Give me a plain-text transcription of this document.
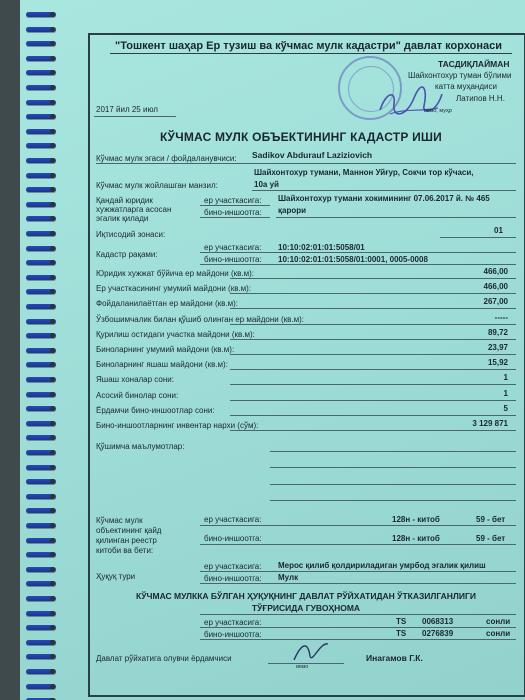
"Тошкент шаҳар Ер тузиш ва кўчмас мулк кадастри" давлат корхонаси
ТАСДИҚЛАЙМАН
Шайхонтохур туман бўлими
катта муҳандиси
Латипов Н.Н.
имзо, муҳр
2017 йил 25 июл
КЎЧМАС МУЛК ОБЪЕКТИНИНГ КАДАСТР ИШИ
Кўчмас мулк эгаси / фойдаланувчиси: Sadikov Abdurauf Laziziovich
Кўчмас мулк жойлашган манзил:
Шайхонтохур тумани, Маннон Уйғур, Сокчи тор кўчаси,
10а уй
Қандай юридик
хужжатларга асосан
эгалик қилади
ер участкасига:
бино-иншоотга:
Шайхонтохур тумани хокимининг 07.06.2017 й. № 465
қарори
Иқтисодий зонаси:	01
Кадастр рақами:
ер участкасига: 10:10:02:01:01:5058/01
бино-иншоотга: 10:10:02:01:01:5058/01:0001, 0005-0008
Юридик хужжат бўйича ер майдони (кв.м):	466,00
Ер участкасининг умумий майдони (кв.м):	466,00
Фойдаланилаётган ер майдони (кв.м):	267,00
Ўзбошимчалик билан қўшиб олинган ер майдони (кв.м):	-----
Қурилиш остидаги участка майдони (кв.м):	89,72
Биноларнинг умумий майдони (кв.м):	23,97
Биноларнинг яшаш майдони (кв.м):	15,92
Яшаш хоналар сони:	1
Асосий бинолар сони:	1
Ёрдамчи бино-иншоотлар сони:	5
Бино-иншоотларнинг инвентар нархи (сўм):	3 129 871
Қўшимча маълумотлар:
Кўчмас мулк
объектининг қайд
қилинган реестр
китоби ва бети:
ер участкасига:	128н - китоб	59 - бет
бино-иншоотга:	128н - китоб	59 - бет
Ҳуқуқ тури
ер участкасига: Мерос қилиб қолдириладиган умрбод эгалик қилиш
бино-иншоотга: Мулк
КЎЧМАС МУЛККА БЎЛГАН ҲУҚУҚНИНГ ДАВЛАТ РЎЙХАТИДАН ЎТКАЗИЛГАНЛИГИ
ТЎҒРИСИДА ГУВОҲНОМА
ер участкасига:	TS 0068313	сонли
бино-иншоотга:	TS 0276839	сонли
Давлат рўйхатига олувчи ёрдамчиси
имзо
Инагамов Г.К.
